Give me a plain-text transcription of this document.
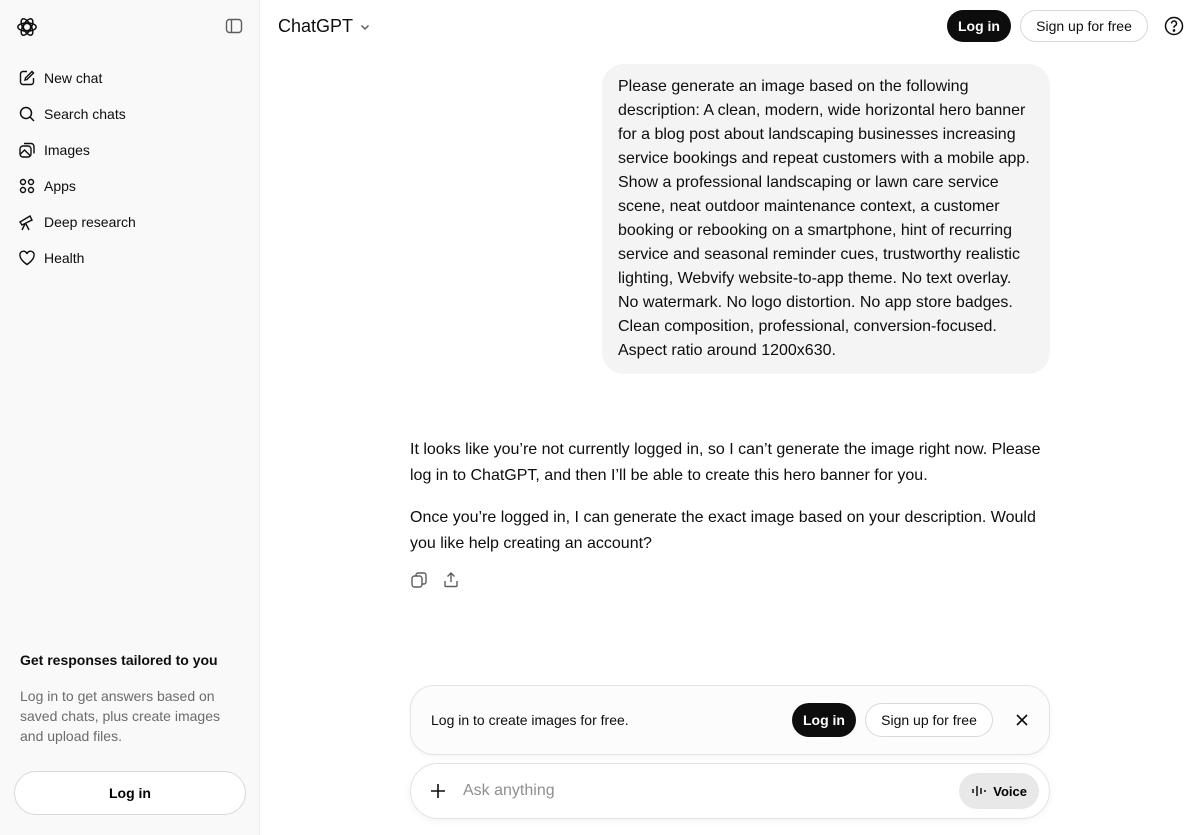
New chat
Search chats
Images
Apps
Deep research
Health
Get responses tailored to you

Log in to get answers based on saved chats, plus create images and upload files.

Log in
ChatGPT	Log in	Sign up for free
Please generate an image based on the following description: A clean, modern, wide horizontal hero banner for a blog post about landscaping businesses increasing service bookings and repeat customers with a mobile app. Show a professional landscaping or lawn care service scene, neat outdoor maintenance context, a customer booking or rebooking on a smartphone, hint of recurring service and seasonal reminder cues, trustworthy realistic lighting, Webvify website-to-app theme. No text overlay. No watermark. No logo distortion. No app store badges. Clean composition, professional, conversion-focused. Aspect ratio around 1200x630.

It looks like you’re not currently logged in, so I can’t generate the image right now. Please log in to ChatGPT, and then I’ll be able to create this hero banner for you.

Once you’re logged in, I can generate the exact image based on your description. Would you like help creating an account?

Log in to create images for free.	Log in	Sign up for free
Ask anything
Voice
